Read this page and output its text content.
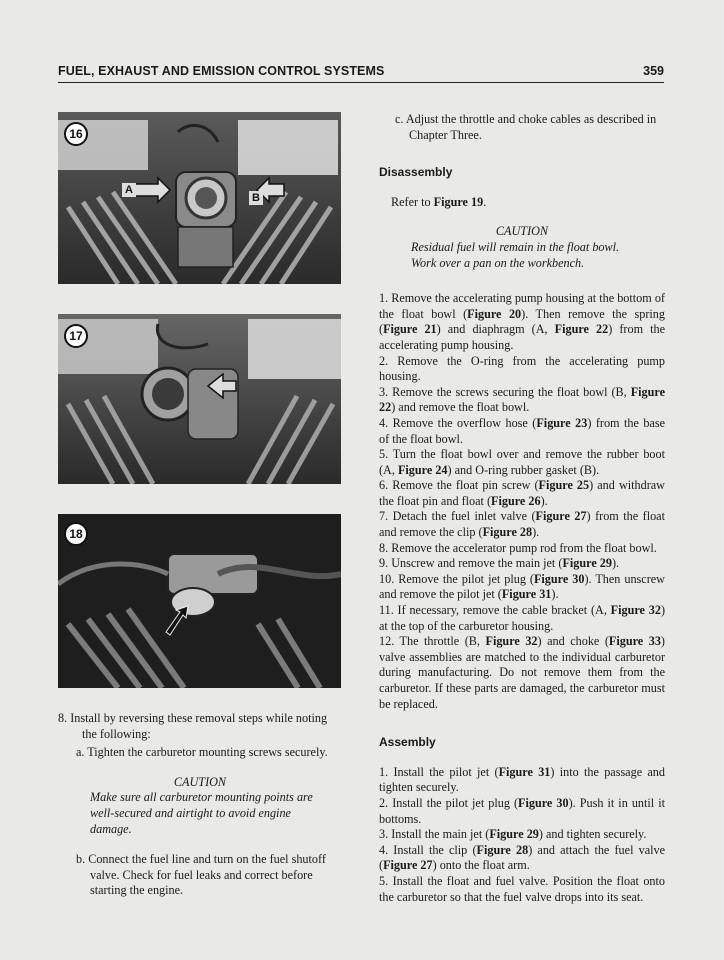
FUEL, EXHAUST AND EMISSION CONTROL SYSTEMS	359
16
A
B
17
18

8. Install by reversing these removal steps while noting the following:

a. Tighten the carburetor mounting screws securely.

CAUTION

Make sure all carburetor mounting points are well-secured and airtight to avoid engine damage.

b. Connect the fuel line and turn on the fuel shutoff valve. Check for fuel leaks and correct before starting the engine.

c. Adjust the throttle and choke cables as described in Chapter Three.

Disassembly

Refer to Figure 19.

CAUTION

Residual fuel will remain in the float bowl. Work over a pan on the workbench.

1. Remove the accelerating pump housing at the bottom of the float bowl (Figure 20). Then remove the spring (Figure 21) and diaphragm (A, Figure 22) from the accelerating pump housing.

2. Remove the O-ring from the accelerating pump housing.

3. Remove the screws securing the float bowl (B, Figure 22) and remove the float bowl.

4. Remove the overflow hose (Figure 23) from the base of the float bowl.

5. Turn the float bowl over and remove the rubber boot (A, Figure 24) and O-ring rubber gasket (B).

6. Remove the float pin screw (Figure 25) and withdraw the float pin and float (Figure 26).

7. Detach the fuel inlet valve (Figure 27) from the float and remove the clip (Figure 28).

8. Remove the accelerator pump rod from the float bowl.

9. Unscrew and remove the main jet (Figure 29).

10. Remove the pilot jet plug (Figure 30). Then unscrew and remove the pilot jet (Figure 31).

11. If necessary, remove the cable bracket (A, Figure 32) at the top of the carburetor housing.

12. The throttle (B, Figure 32) and choke (Figure 33) valve assemblies are matched to the individual carburetor during manufacturing. Do not remove them from the carburetor. If these parts are damaged, the carburetor must be replaced.

Assembly

1. Install the pilot jet (Figure 31) into the passage and tighten securely.

2. Install the pilot jet plug (Figure 30). Push it in until it bottoms.

3. Install the main jet (Figure 29) and tighten securely.

4. Install the clip (Figure 28) and attach the fuel valve (Figure 27) onto the float arm.

5. Install the float and fuel valve. Position the float onto the carburetor so that the fuel valve drops into its seat.
